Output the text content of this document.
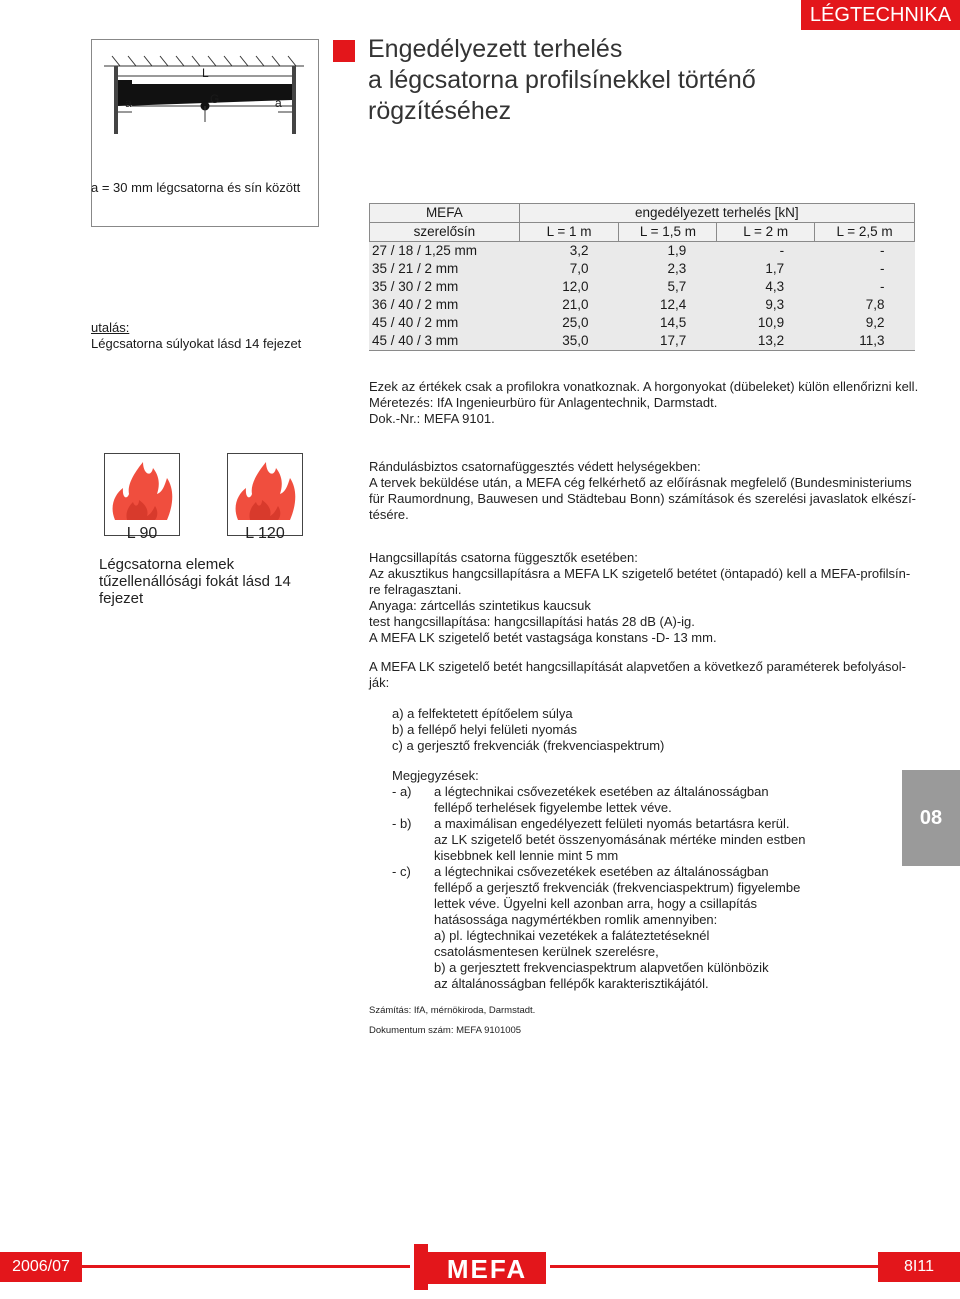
LÉGTECHNIKA
L
G
a	a
a = 30 mm légcsatorna és sín között
Engedélyezett terhelés
a légcsatorna profilsínekkel történő
rögzítéséhez
utalás:
Légcsatorna súlyokat lásd 14 fejezet
MEFA	engedélyezett terhelés [kN]			
szerelősín	L = 1 m	L = 1,5 m	L = 2 m	L = 2,5 m
27 / 18 / 1,25 mm	3,2	1,9	-	-
35 / 21 / 2 mm	7,0	2,3	1,7	-
35 / 30 / 2 mm	12,0	5,7	4,3	-
36 / 40 / 2 mm	21,0	12,4	9,3	7,8
45 / 40 / 2 mm	25,0	14,5	10,9	9,2
45 / 40 / 3 mm	35,0	17,7	13,2	11,3
Ezek az értékek csak a profilokra vonatkoznak. A horgonyokat (dübeleket) külön ellenőrizni kell.
Méretezés: IfA Ingenieurbüro für Anlagentechnik, Darmstadt.
Dok.-Nr.: MEFA 9101.
Rándulásbiztos csatornafüggesztés védett helységekben:
A tervek beküldése után, a MEFA cég felkérhető az előírásnak megfelelő (Bundesministeriums
für Raumordnung, Bauwesen und Städtebau Bonn) számítások és szerelési javaslatok elkészí-
tésére.
Hangcsillapítás csatorna függesztők esetében:
Az akusztikus hangcsillapításra a MEFA LK szigetelő betétet (öntapadó) kell a MEFA-profilsín-
re felragasztani.
Anyaga: zártcellás szintetikus kaucsuk
test hangcsillapítása: hangcsillapítási hatás 28 dB (A)-ig.
A MEFA LK szigetelő betét vastagsága konstans -D- 13 mm.
A MEFA LK szigetelő betét hangcsillapítását alapvetően a következő paraméterek befolyásol-
ják:
a) a felfektetett építőelem súlya
b) a fellépő helyi felületi nyomás
c) a gerjesztő frekvenciák (frekvenciaspektrum)
Megjegyzések:
- a)	a légtechnikai csővezetékek esetében az általánosságban
fellépő terhelések figyelembe lettek véve.
- b)	a maximálisan engedélyezett felületi nyomás betartásra kerül.
az LK szigetelő betét összenyomásának mértéke minden estben
kisebbnek kell lennie mint 5 mm
- c)	a légtechnikai csővezetékek esetében az általánosságban
fellépő a gerjesztő frekvenciák (frekvenciaspektrum) figyelembe
lettek véve. Ügyelni kell azonban arra, hogy a csillapítás
hatásossága nagymértékben romlik amennyiben:
a) pl. légtechnikai vezetékek a faláteztetéseknél
csatolásmentesen kerülnek szerelésre,
b) a gerjesztett frekvenciaspektrum alapvetően különbözik
az általánosságban fellépők karakterisztikájától.
Számítás: IfA, mérnökiroda, Darmstadt.
Dokumentum szám: MEFA 9101005
L 90	L 120
Légcsatorna elemek
tűzellenállósági fokát lásd 14
fejezet
08
2006/07	8I11
MEFA
